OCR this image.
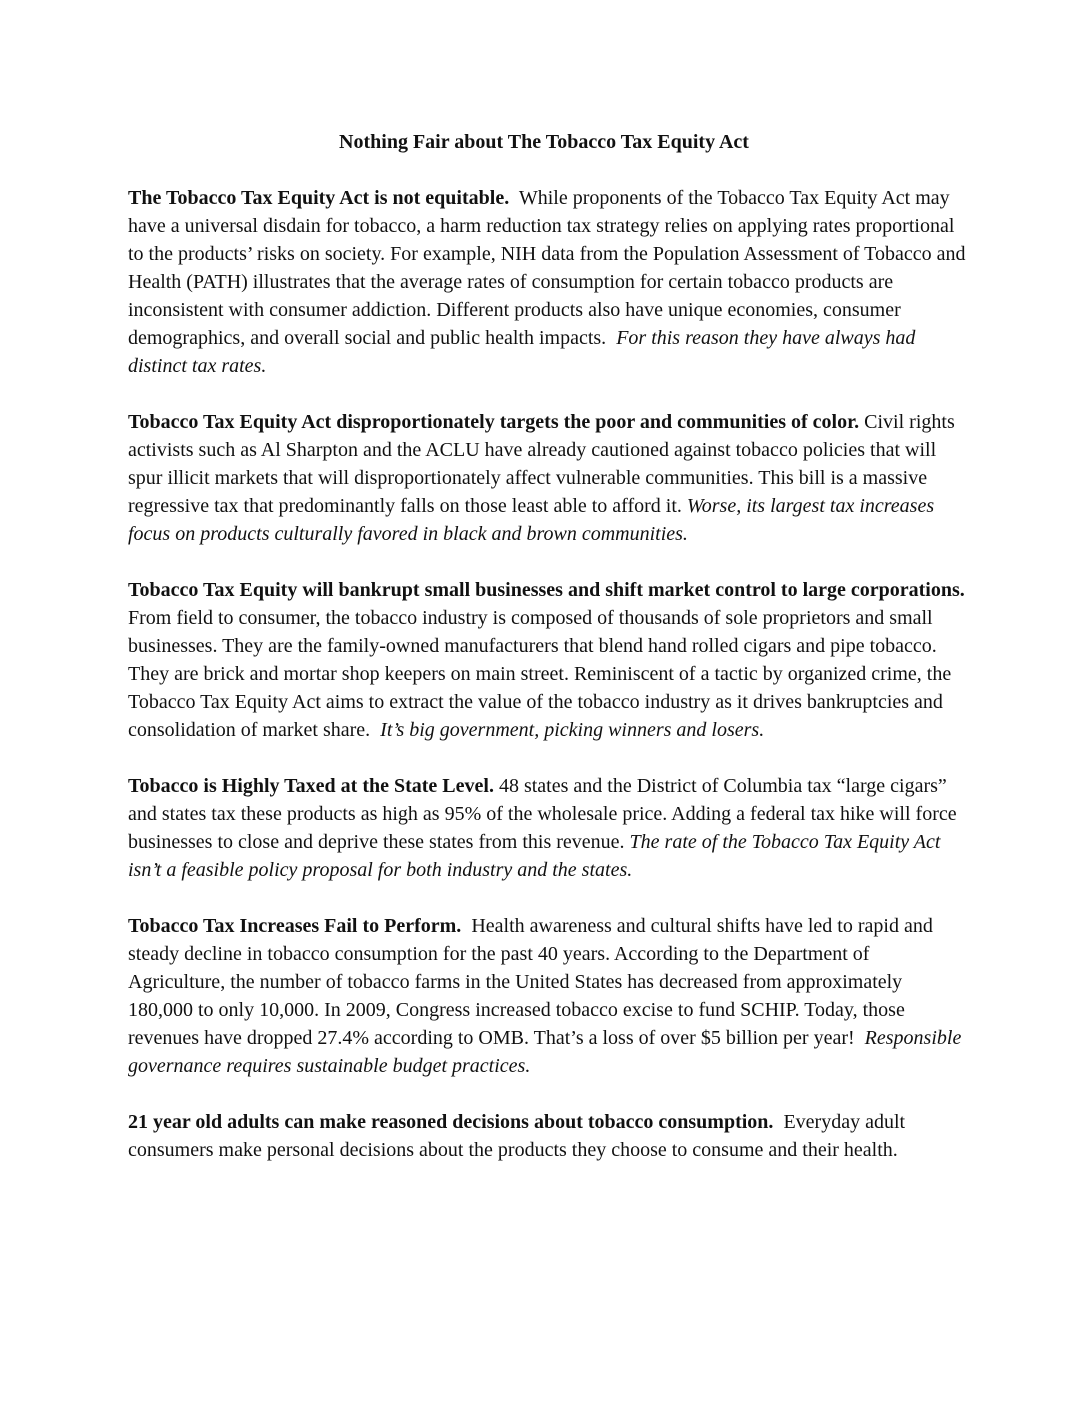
Nothing Fair about The Tobacco Tax Equity Act

The Tobacco Tax Equity Act is not equitable. While proponents of the Tobacco Tax Equity Act may have a universal disdain for tobacco, a harm reduction tax strategy relies on applying rates proportional to the products’ risks on society. For example, NIH data from the Population Assessment of Tobacco and Health (PATH) illustrates that the average rates of consumption for certain tobacco products are inconsistent with consumer addiction. Different products also have unique economies, consumer demographics, and overall social and public health impacts. For this reason they have always had distinct tax rates.

Tobacco Tax Equity Act disproportionately targets the poor and communities of color. Civil rights activists such as Al Sharpton and the ACLU have already cautioned against tobacco policies that will spur illicit markets that will disproportionately affect vulnerable communities. This bill is a massive regressive tax that predominantly falls on those least able to afford it. Worse, its largest tax increases focus on products culturally favored in black and brown communities.

Tobacco Tax Equity will bankrupt small businesses and shift market control to large corporations.  From field to consumer, the tobacco industry is composed of thousands of sole proprietors and small businesses. They are the family-owned manufacturers that blend hand rolled cigars and pipe tobacco. They are brick and mortar shop keepers on main street. Reminiscent of a tactic by organized crime, the Tobacco Tax Equity Act aims to extract the value of the tobacco industry as it drives bankruptcies and consolidation of market share. It’s big government, picking winners and losers.

Tobacco is Highly Taxed at the State Level. 48 states and the District of Columbia tax “large cigars” and states tax these products as high as 95% of the wholesale price. Adding a federal tax hike will force businesses to close and deprive these states from this revenue. The rate of the Tobacco Tax Equity Act isn’t a feasible policy proposal for both industry and the states.

Tobacco Tax Increases Fail to Perform. Health awareness and cultural shifts have led to rapid and steady decline in tobacco consumption for the past 40 years. According to the Department of Agriculture, the number of tobacco farms in the United States has decreased from approximately 180,000 to only 10,000. In 2009, Congress increased tobacco excise to fund SCHIP. Today, those revenues have dropped 27.4% according to OMB. That’s a loss of over $5 billion per year! Responsible governance requires sustainable budget practices.

21 year old adults can make reasoned decisions about tobacco consumption. Everyday adult consumers make personal decisions about the products they choose to consume and their health.
